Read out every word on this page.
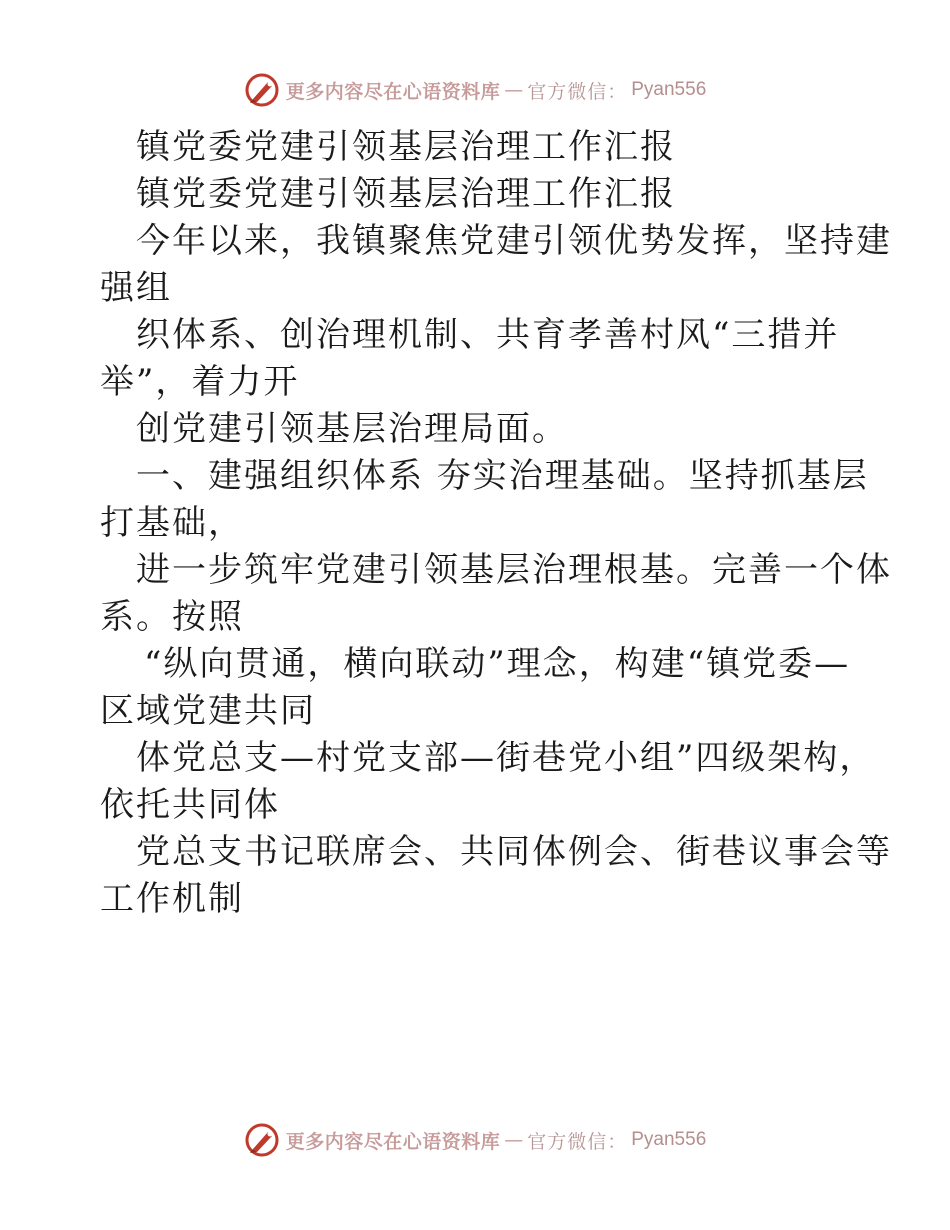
更多内容尽在心语资料库 — 官方微信： Pyan556
镇党委党建引领基层治理工作汇报
镇党委党建引领基层治理工作汇报
今年以来，我镇聚焦党建引领优势发挥，坚持建
强组
织体系、创治理机制、共育孝善村风“三措并
举”，着力开
创党建引领基层治理局面。
一、建强组织体系 夯实治理基础。坚持抓基层
打基础，
进一步筑牢党建引领基层治理根基。完善一个体
系。按照
“纵向贯通，横向联动”理念，构建“镇党委—
区域党建共同
体党总支—村党支部—街巷党小组”四级架构，
依托共同体
党总支书记联席会、共同体例会、街巷议事会等
工作机制
更多内容尽在心语资料库 — 官方微信： Pyan556
